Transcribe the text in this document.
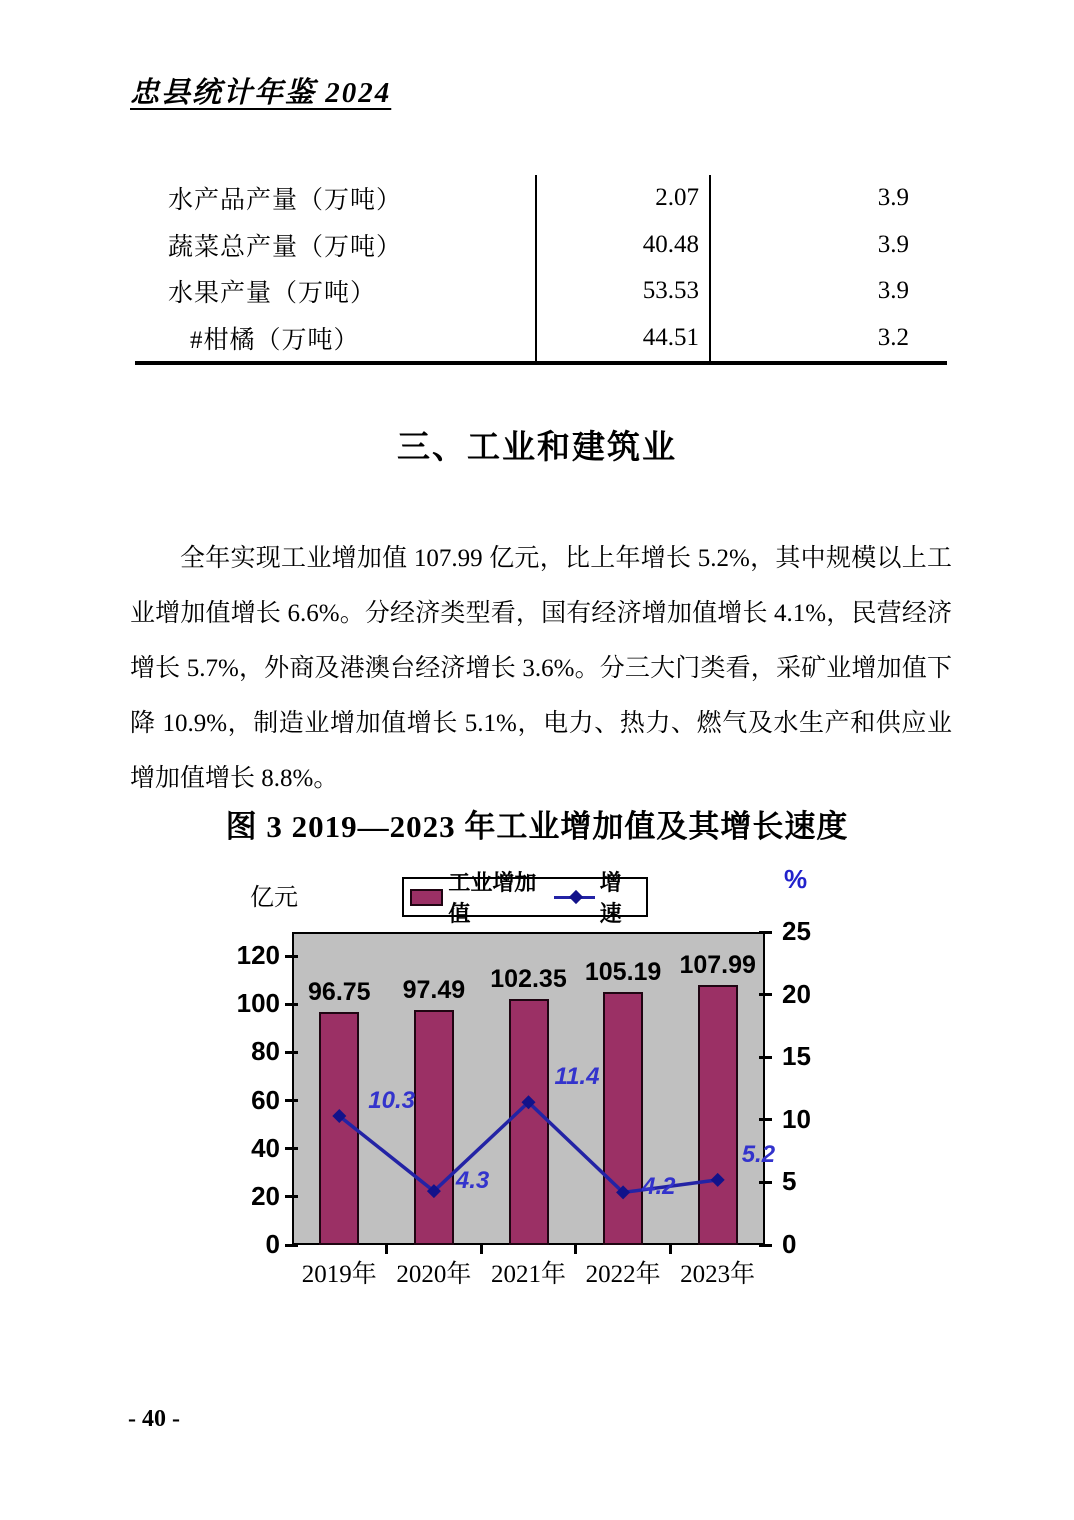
忠县统计年鉴 2024
水产品产量（万吨）	2.07	3.9
蔬菜总产量（万吨）	40.48	3.9
水果产量（万吨）	53.53	3.9
#柑橘（万吨）	44.51	3.2
三、工业和建筑业
全年实现工业增加值 107.99 亿元，比上年增长 5.2%，其中规模以上工
业增加值增长 6.6%。分经济类型看，国有经济增加值增长 4.1%，民营经济
增长 5.7%，外商及港澳台经济增长 3.6%。分三大门类看，采矿业增加值下
降 10.9%，制造业增加值增长 5.1%，电力、热力、燃气及水生产和供应业
增加值增长 8.8%。
图 3 2019—2023 年工业增加值及其增长速度
亿元
%
工业增加值
增速
0
20
40
60
80
100
120
0
5
10
15
20
25
2019年 2020年 2021年 2022年 2023年
96.75	97.49	102.35 105.19 107.99
10.3
4.3
11.4
4.2
5.2
- 40 -
